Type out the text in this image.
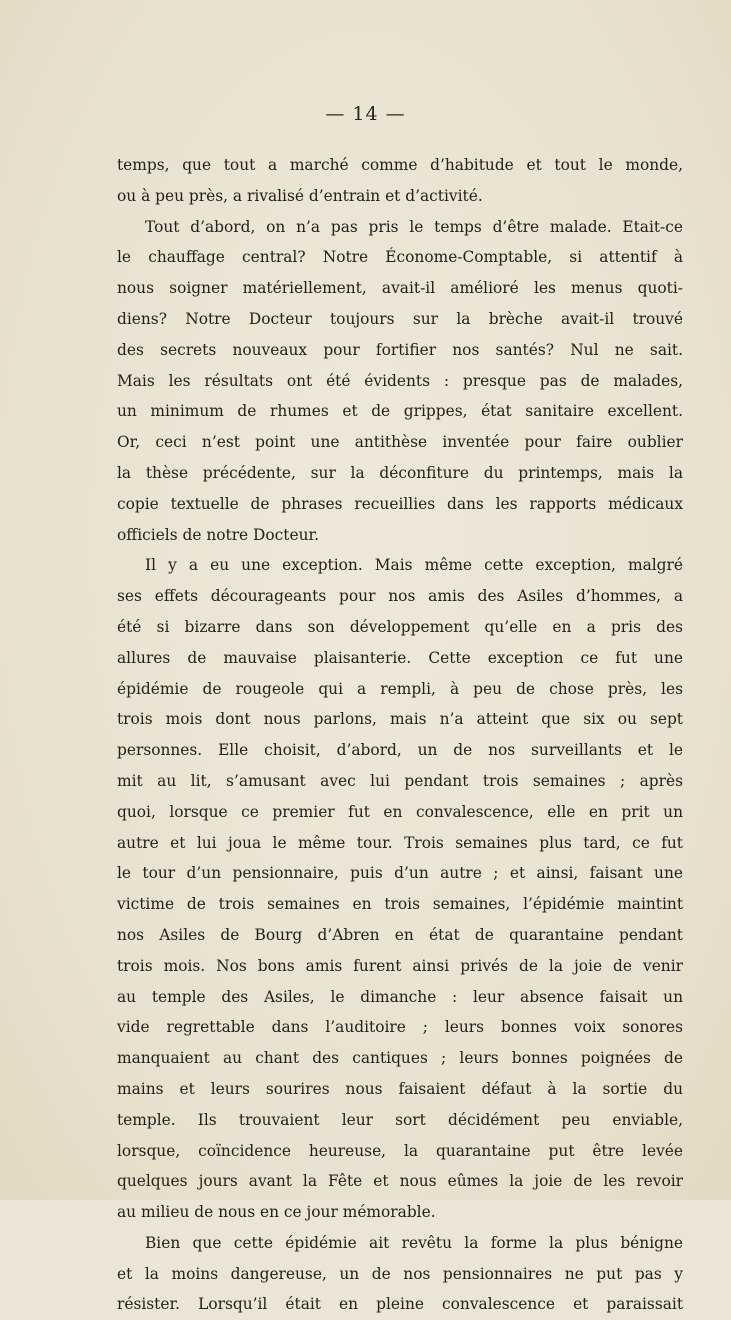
— 14 —
temps, que tout a marché comme d’habitude et tout le monde,
ou à peu près, a rivalisé d’entrain et d’activité.
Tout d’abord, on n’a pas pris le temps d’être malade. Etait-ce
le chauffage central? Notre Économe-Comptable, si attentif à
nous soigner matériellement, avait-il amélioré les menus quoti-
diens? Notre Docteur toujours sur la brèche avait-il trouvé
des secrets nouveaux pour fortifier nos santés? Nul ne sait.
Mais les résultats ont été évidents : presque pas de malades,
un minimum de rhumes et de grippes, état sanitaire excellent.
Or, ceci n’est point une antithèse inventée pour faire oublier
la thèse précédente, sur la déconfiture du printemps, mais la
copie textuelle de phrases recueillies dans les rapports médicaux
officiels de notre Docteur.
Il y a eu une exception. Mais même cette exception, malgré
ses effets décourageants pour nos amis des Asiles d’hommes, a
été si bizarre dans son développement qu’elle en a pris des
allures de mauvaise plaisanterie. Cette exception ce fut une
épidémie de rougeole qui a rempli, à peu de chose près, les
trois mois dont nous parlons, mais n’a atteint que six ou sept
personnes. Elle choisit, d’abord, un de nos surveillants et le
mit au lit, s’amusant avec lui pendant trois semaines ; après
quoi, lorsque ce premier fut en convalescence, elle en prit un
autre et lui joua le même tour. Trois semaines plus tard, ce fut
le tour d’un pensionnaire, puis d’un autre ; et ainsi, faisant une
victime de trois semaines en trois semaines, l’épidémie maintint
nos Asiles de Bourg d’Abren en état de quarantaine pendant
trois mois. Nos bons amis furent ainsi privés de la joie de venir
au temple des Asiles, le dimanche : leur absence faisait un
vide regrettable dans l’auditoire ; leurs bonnes voix sonores
manquaient au chant des cantiques ; leurs bonnes poignées de
mains et leurs sourires nous faisaient défaut à la sortie du
temple. Ils trouvaient leur sort décidément peu enviable,
lorsque, coïncidence heureuse, la quarantaine put être levée
quelques jours avant la Fête et nous eûmes la joie de les revoir
au milieu de nous en ce jour mémorable.
Bien que cette épidémie ait revêtu la forme la plus bénigne
et la moins dangereuse, un de nos pensionnaires ne put pas y
résister. Lorsqu’il était en pleine convalescence et paraissait
